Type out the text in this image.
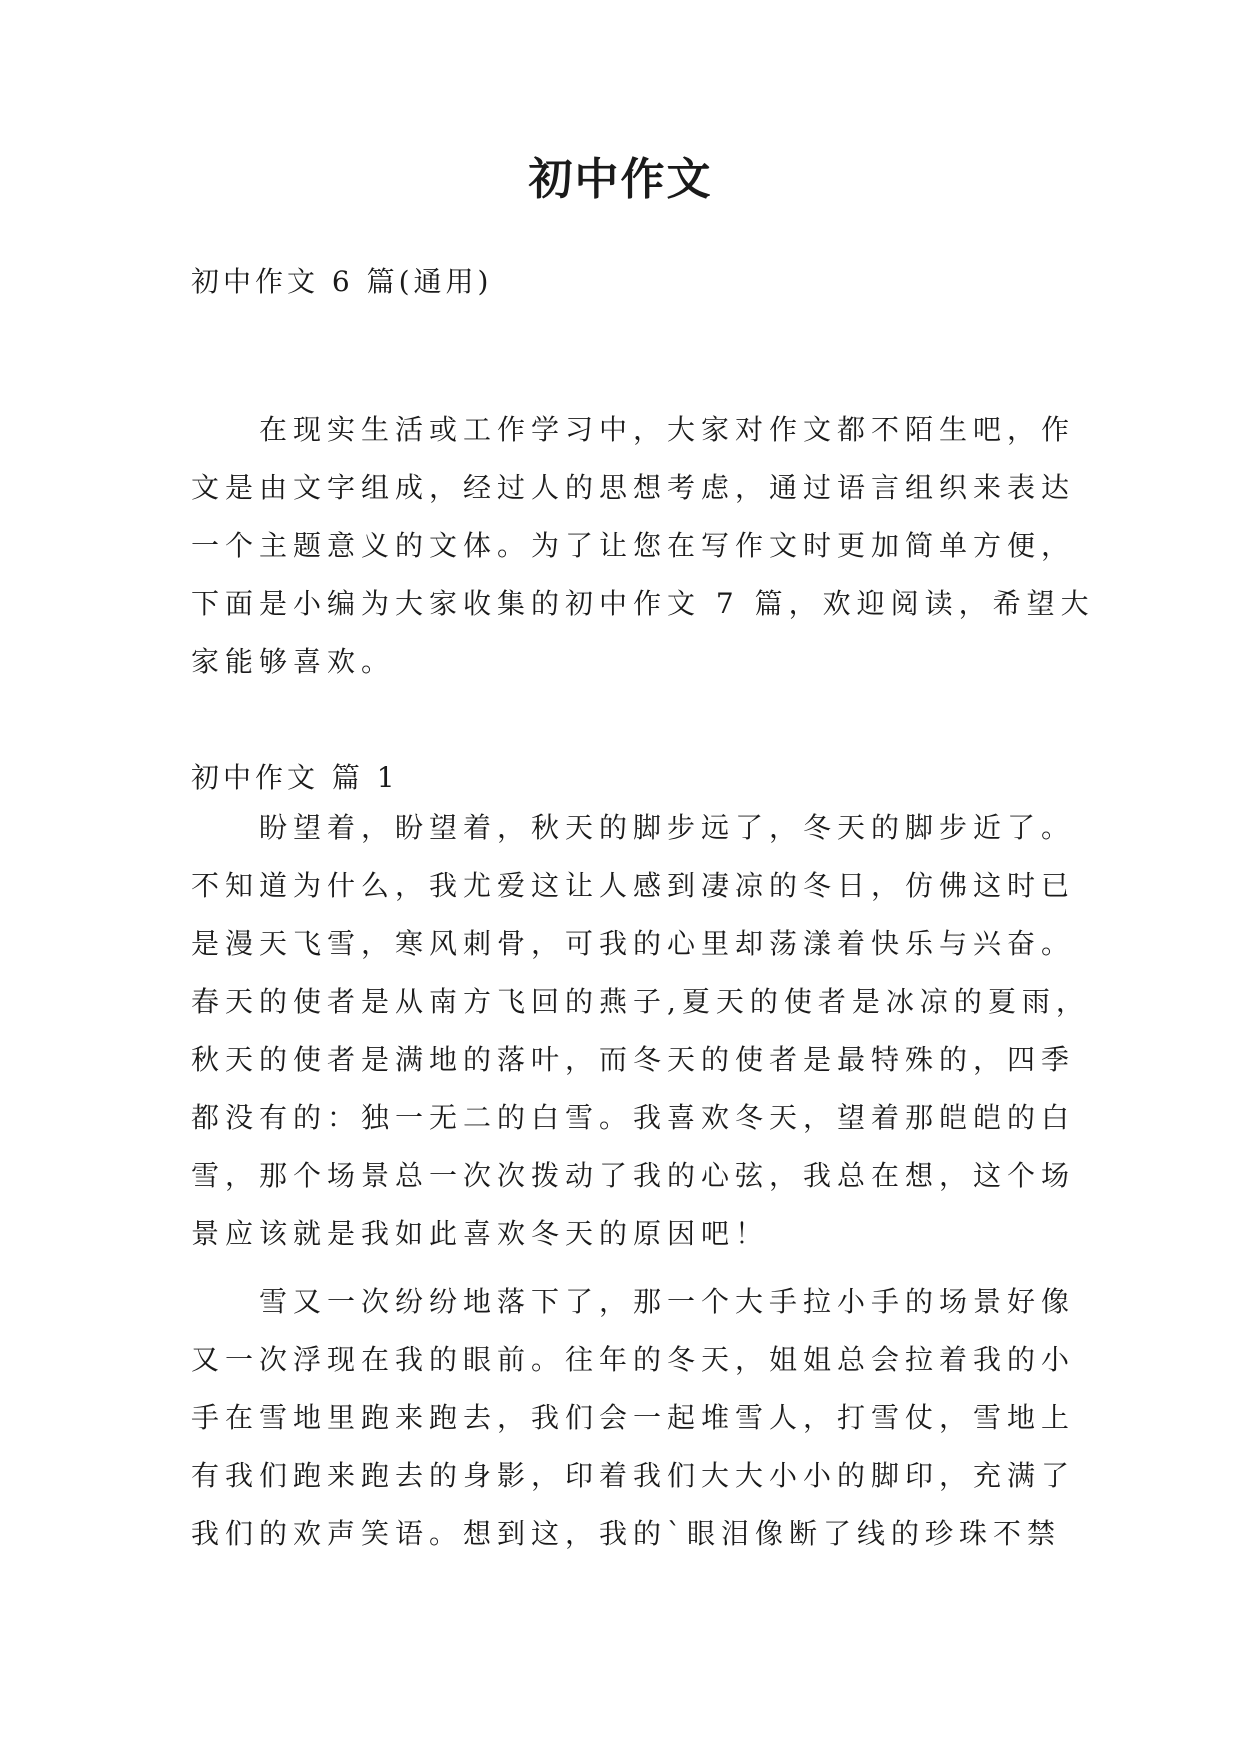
初中作文

初中作文 6 篇(通用)

在现实生活或工作学习中，大家对作文都不陌生吧，作
文是由文字组成，经过人的思想考虑，通过语言组织来表达
一个主题意义的文体。为了让您在写作文时更加简单方便，
下面是小编为大家收集的初中作文 7 篇，欢迎阅读，希望大
家能够喜欢。

初中作文 篇 1

盼望着，盼望着，秋天的脚步远了，冬天的脚步近了。
不知道为什么，我尤爱这让人感到凄凉的冬日，仿佛这时已
是漫天飞雪，寒风刺骨，可我的心里却荡漾着快乐与兴奋。
春天的使者是从南方飞回的燕子,夏天的使者是冰凉的夏雨，
秋天的使者是满地的落叶，而冬天的使者是最特殊的，四季
都没有的：独一无二的白雪。我喜欢冬天，望着那皑皑的白
雪，那个场景总一次次拨动了我的心弦，我总在想，这个场
景应该就是我如此喜欢冬天的原因吧！
雪又一次纷纷地落下了，那一个大手拉小手的场景好像
又一次浮现在我的眼前。往年的冬天，姐姐总会拉着我的小
手在雪地里跑来跑去，我们会一起堆雪人，打雪仗，雪地上
有我们跑来跑去的身影，印着我们大大小小的脚印，充满了
我们的欢声笑语。想到这，我的`眼泪像断了线的珍珠不禁
